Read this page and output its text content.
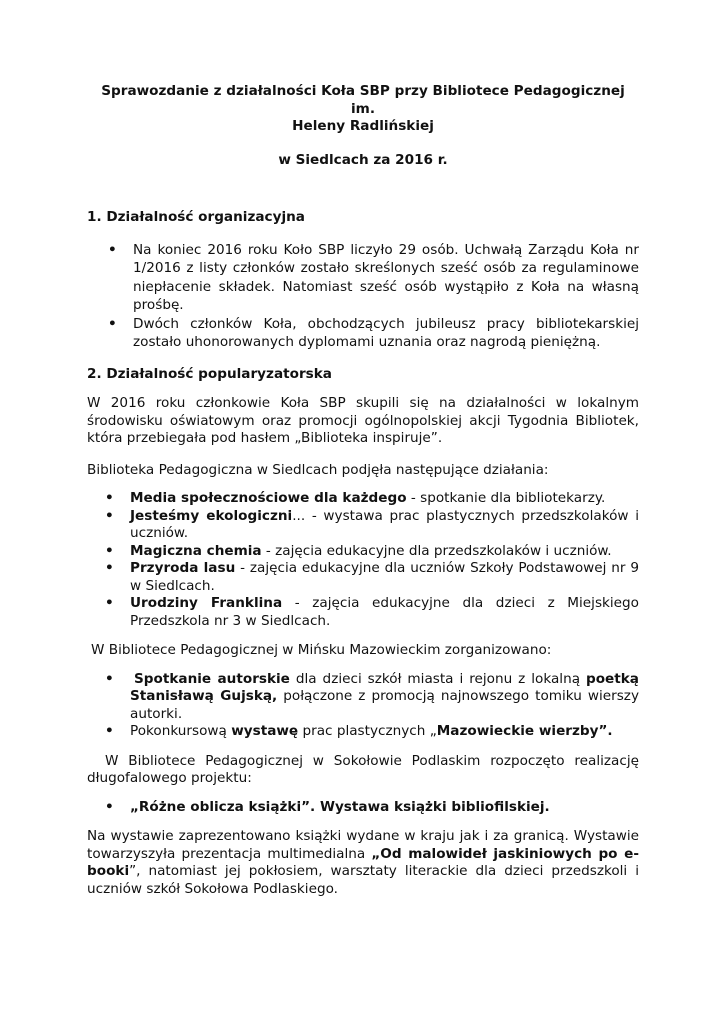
Sprawozdanie z działalności Koła SBP przy Bibliotece Pedagogicznej im.
Heleny Radlińskiej

w Siedlcach za 2016 r.

1. Działalność organizacyjna
• Na koniec 2016 roku Koło SBP liczyło 29 osób. Uchwałą Zarządu Koła nr 1/2016 z listy członków zostało skreślonych sześć osób za regulaminowe niepłacenie składek. Natomiast sześć osób wystąpiło z Koła na własną prośbę.
• Dwóch członków Koła, obchodzących jubileusz pracy bibliotekarskiej zostało uhonorowanych dyplomami uznania oraz nagrodą pieniężną.
2. Działalność popularyzatorska

W 2016 roku członkowie Koła SBP skupili się na działalności w lokalnym środowisku oświatowym oraz promocji ogólnopolskiej akcji Tygodnia Bibliotek, która przebiegała pod hasłem „Biblioteka inspiruje”.

Biblioteka Pedagogiczna w Siedlcach podjęła następujące działania:

• Media społecznościowe dla każdego - spotkanie dla bibliotekarzy.
• Jesteśmy ekologiczni... - wystawa prac plastycznych przedszkolaków i uczniów.
• Magiczna chemia - zajęcia edukacyjne dla przedszkolaków i uczniów.
• Przyroda lasu - zajęcia edukacyjne dla uczniów Szkoły Podstawowej nr 9 w Siedlcach.
• Urodziny Franklina - zajęcia edukacyjne dla dzieci z Miejskiego Przedszkola nr 3 w Siedlcach.

W Bibliotece Pedagogicznej w Mińsku Mazowieckim zorganizowano:

• Spotkanie autorskie dla dzieci szkół miasta i rejonu z lokalną poetką Stanisławą Gujską, połączone z promocją najnowszego tomiku wierszy autorki.
• Pokonkursową wystawę prac plastycznych „Mazowieckie wierzby”.

W Bibliotece Pedagogicznej w Sokołowie Podlaskim rozpoczęto realizację długofalowego projektu:

• „Różne oblicza książki”. Wystawa książki bibliofilskiej.

Na wystawie zaprezentowano książki wydane w kraju jak i za granicą. Wystawie towarzyszyła prezentacja multimedialna „Od malowideł jaskiniowych po e-booki”, natomiast jej pokłosiem, warsztaty literackie dla dzieci przedszkoli i uczniów szkół Sokołowa Podlaskiego.
